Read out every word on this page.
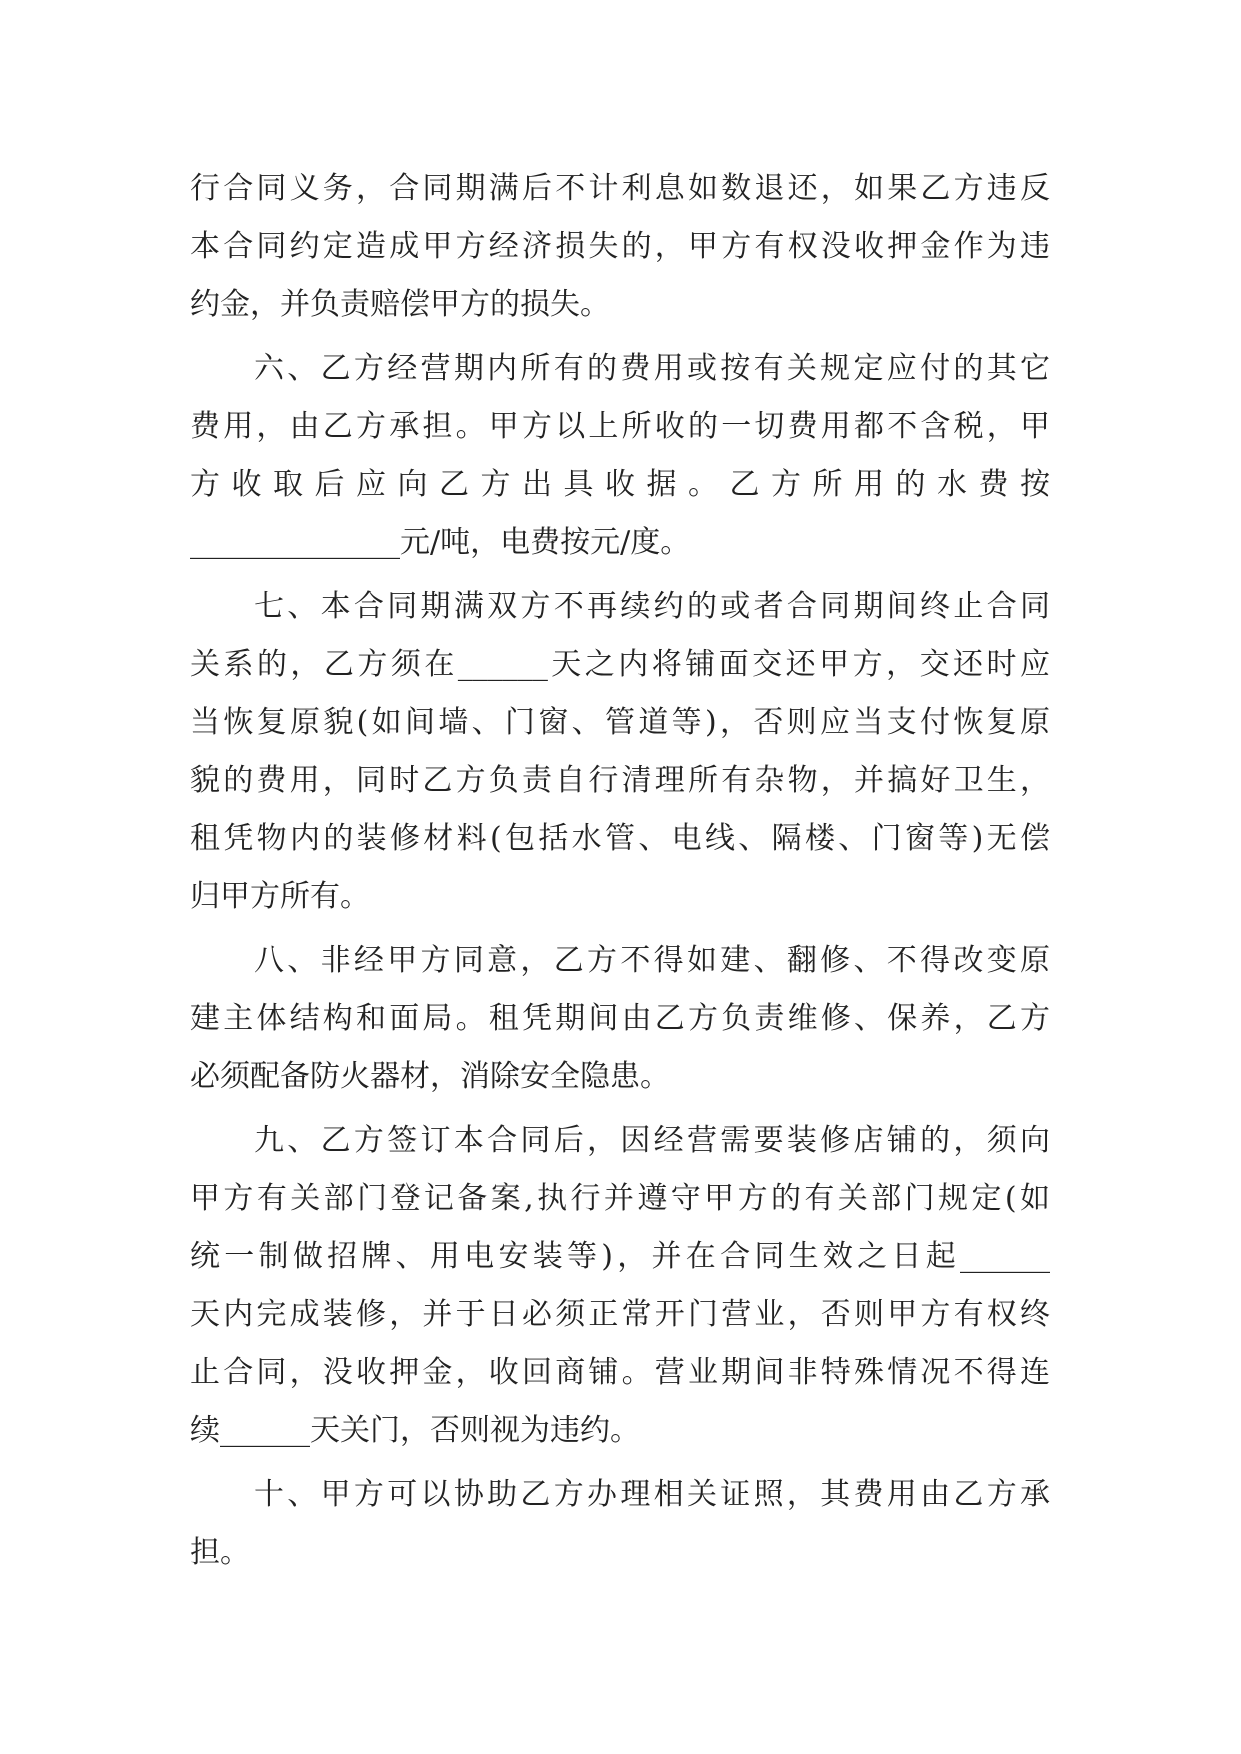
行合同义务，合同期满后不计利息如数退还，如果乙方违反
本合同约定造成甲方经济损失的，甲方有权没收押金作为违
约金，并负责赔偿甲方的损失。
六、乙方经营期内所有的费用或按有关规定应付的其它
费用，由乙方承担。甲方以上所收的一切费用都不含税，甲
方收取后应向乙方出具收据。乙方所用的水费按
______________元/吨，电费按元/度。
七、本合同期满双方不再续约的或者合同期间终止合同
关系的，乙方须在______天之内将铺面交还甲方，交还时应
当恢复原貌(如间墙、门窗、管道等)，否则应当支付恢复原
貌的费用，同时乙方负责自行清理所有杂物，并搞好卫生，
租凭物内的装修材料(包括水管、电线、隔楼、门窗等)无偿
归甲方所有。
八、非经甲方同意，乙方不得如建、翻修、不得改变原
建主体结构和面局。租凭期间由乙方负责维修、保养，乙方
必须配备防火器材，消除安全隐患。
九、乙方签订本合同后，因经营需要装修店铺的，须向
甲方有关部门登记备案,执行并遵守甲方的有关部门规定(如
统一制做招牌、用电安装等)，并在合同生效之日起______
天内完成装修，并于日必须正常开门营业，否则甲方有权终
止合同，没收押金，收回商铺。营业期间非特殊情况不得连
续______天关门，否则视为违约。
十、甲方可以协助乙方办理相关证照，其费用由乙方承
担。
